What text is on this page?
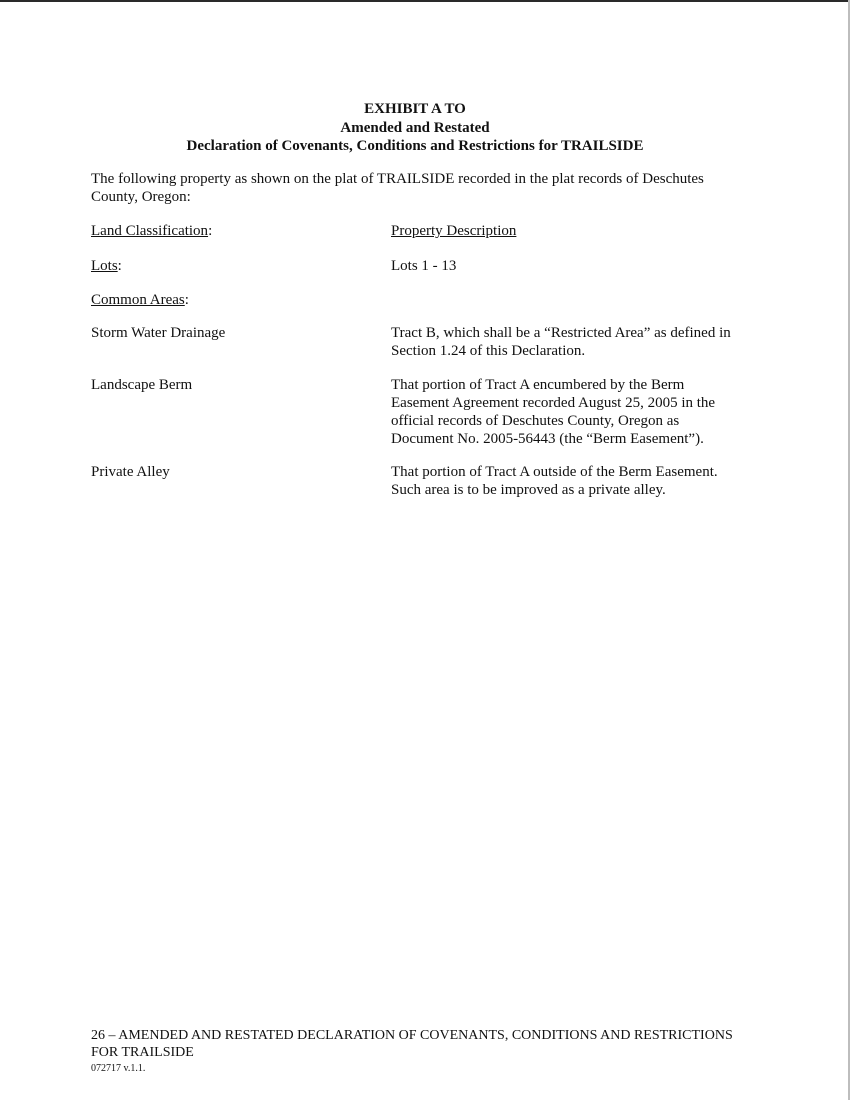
EXHIBIT A TO
Amended and Restated
Declaration of Covenants, Conditions and Restrictions for TRAILSIDE
The following property as shown on the plat of TRAILSIDE recorded in the plat records of Deschutes County, Oregon:
Land Classification:	Property Description
Lots:	Lots 1 - 13
Common Areas:
Storm Water Drainage	Tract B, which shall be a “Restricted Area” as defined in
Section 1.24 of this Declaration.
Landscape Berm	That portion of Tract A encumbered by the Berm
Easement Agreement recorded August 25, 2005 in the
official records of Deschutes County, Oregon as
Document No. 2005-56443 (the “Berm Easement”).
Private Alley	That portion of Tract A outside of the Berm Easement.
Such area is to be improved as a private alley.
26 – AMENDED AND RESTATED DECLARATION OF COVENANTS, CONDITIONS AND RESTRICTIONS
FOR TRAILSIDE
072717 v.1.1.
